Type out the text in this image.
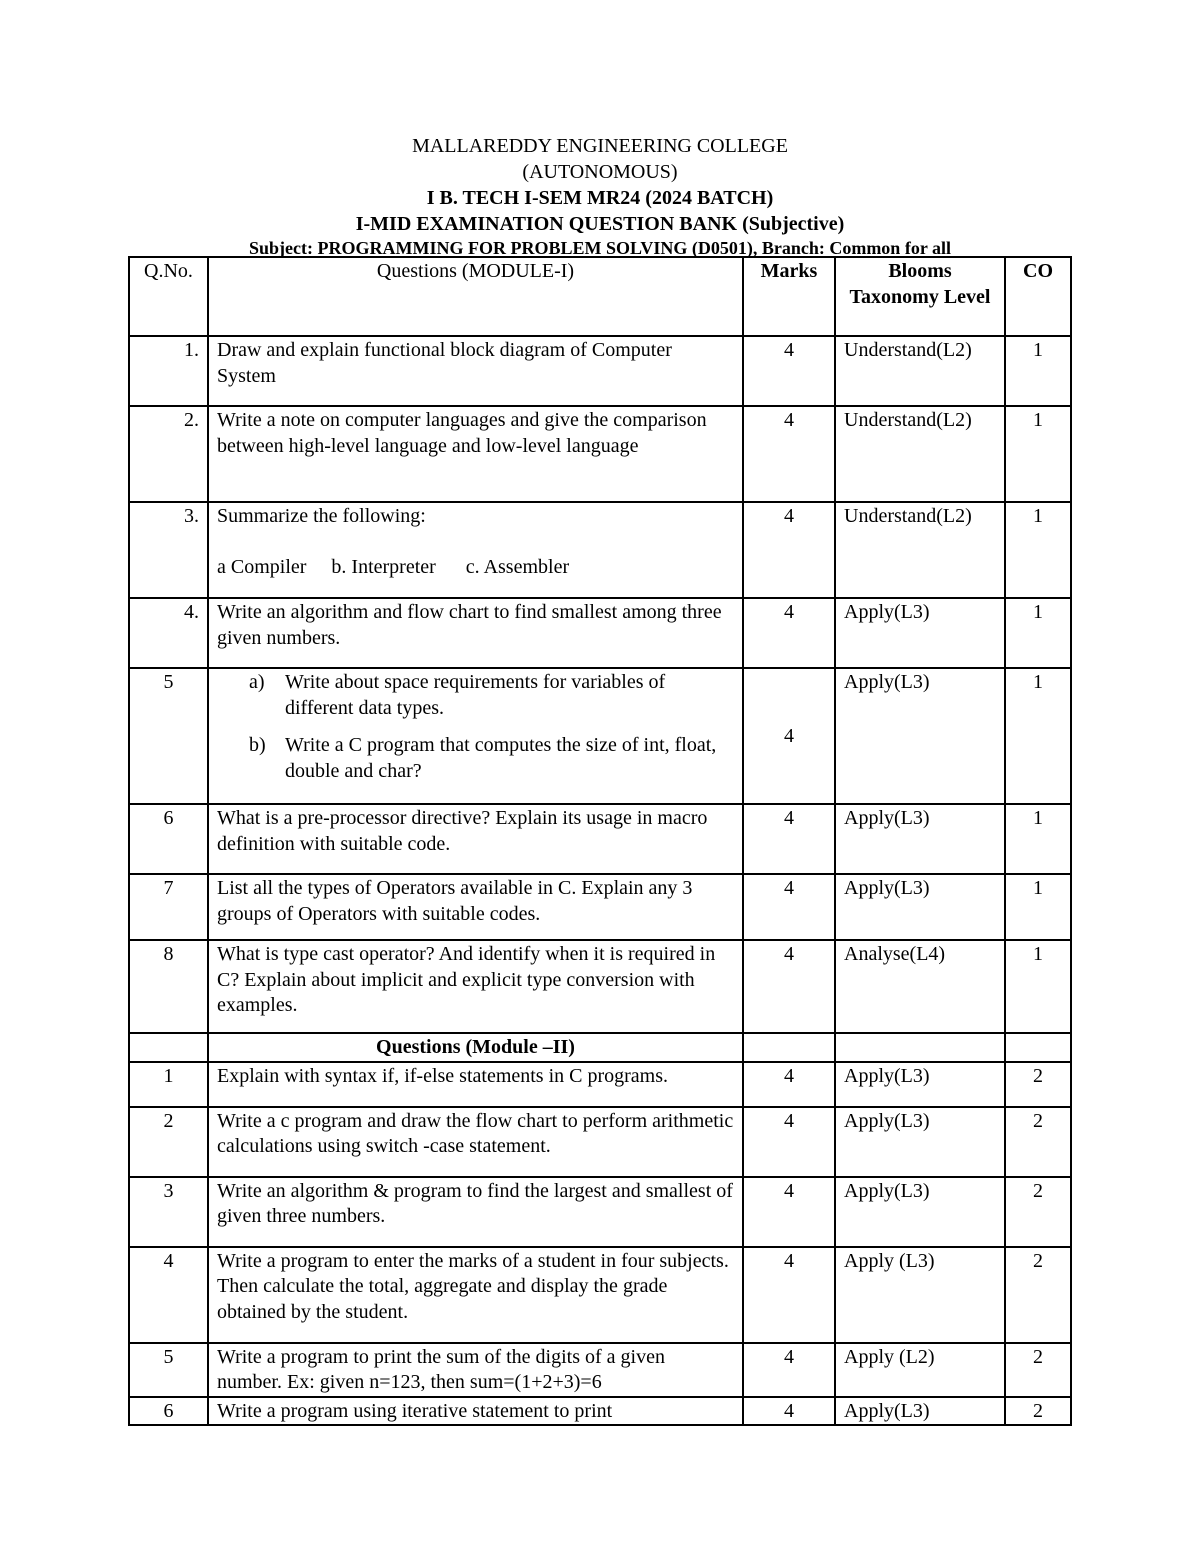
MALLAREDDY ENGINEERING COLLEGE
(AUTONOMOUS)
I B. TECH I-SEM MR24 (2024 BATCH)
I-MID EXAMINATION QUESTION BANK (Subjective)
Subject: PROGRAMMING FOR PROBLEM SOLVING (D0501), Branch: Common for all
Q.No.	Questions (MODULE-I)	Marks	Blooms Taxonomy Level	CO
1.	Draw and explain functional block diagram of Computer System	4	Understand(L2)	1
2.	Write a note on computer languages and give the comparison between high-level language and low-level language	4	Understand(L2)	1
3.	Summarize the following:
a Compiler     b. Interpreter      c. Assembler	4	Understand(L2)	1
4.	Write an algorithm and flow chart to find smallest among three given numbers.	4	Apply(L3)	1
5	a) Write about space requirements for variables of different data types.
b) Write a C program that computes the size of int, float, double and char?	4	Apply(L3)	1
6	What is a pre-processor directive? Explain its usage in macro definition with suitable code.	4	Apply(L3)	1
7	List all the types of Operators available in C. Explain any 3 groups of Operators with suitable codes.	4	Apply(L3)	1
8	What is type cast operator? And identify when it is required in C? Explain about implicit and explicit type conversion with examples.	4	Analyse(L4)	1
	Questions (Module –II)			
1	Explain with syntax if, if-else statements in C programs.	4	Apply(L3)	2
2	Write a c program and draw the flow chart to perform arithmetic calculations using switch -case statement.	4	Apply(L3)	2
3	Write an algorithm & program to find the largest and smallest of given three numbers.	4	Apply(L3)	2
4	Write a program to enter the marks of a student in four subjects. Then calculate the total, aggregate and display the grade obtained by the student.	4	Apply (L3)	2
5	Write a program to print the sum of the digits of a given number. Ex: given n=123, then sum=(1+2+3)=6	4	Apply (L2)	2
6	Write a program using iterative statement to print	4	Apply(L3)	2
